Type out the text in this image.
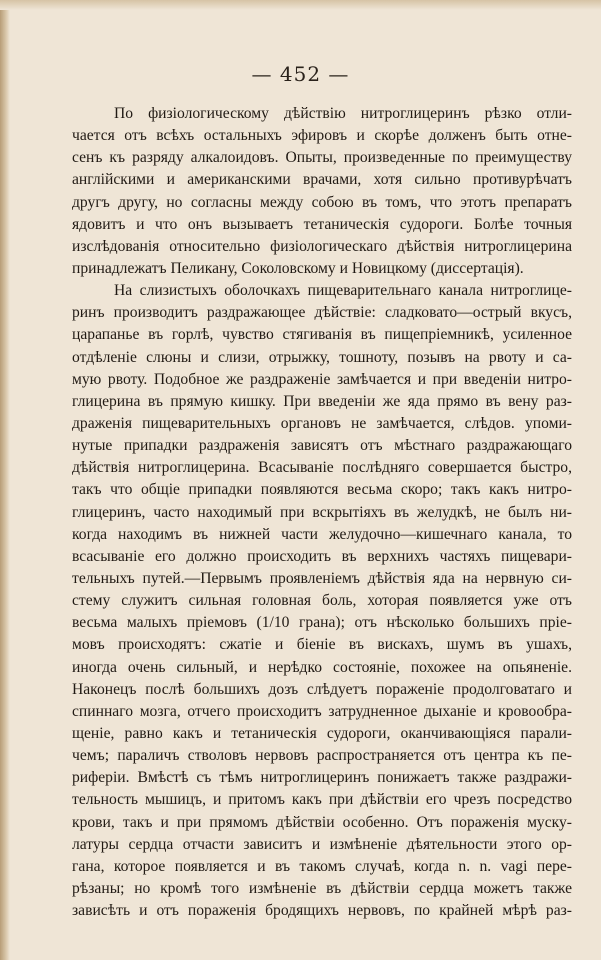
— 452 —
По физiологическому дѣйствiю нитроглицеринъ рѣзко отли-
чается отъ всѣхъ остальныхъ эфировъ и скорѣе долженъ быть отне-
сенъ къ разряду алкалоидовъ. Опыты, произведенные по преимуществу
англiйскими и американскими врачами, хотя сильно противурѣчатъ
другъ другу, но согласны между собою въ томъ, что этотъ препаратъ
ядовитъ и что онъ вызываетъ тетаническiя судороги. Болѣе точныя
изслѣдованiя относительно физiологическаго дѣйствiя нитроглицерина
принадлежатъ Пеликану, Соколовскому и Новицкому (диссертацiя).
На слизистыхъ оболочкахъ пищеварительнаго канала нитроглице-
ринъ производитъ раздражающее дѣйствiе: сладковато—острый вкусъ,
царапанье въ горлѣ, чувство стягиванiя въ пищепрiемникѣ, усиленное
отдѣленiе слюны и слизи, отрыжку, тошноту, позывъ на рвоту и са-
мую рвоту. Подобное же раздраженiе замѣчается и при введенiи нитро-
глицерина въ прямую кишку. При введенiи же яда прямо въ вену раз-
драженiя пищеварительныхъ органовъ не замѣчается, слѣдов. упоми-
нутые припадки раздраженiя зависятъ отъ мѣстнаго раздражающаго
дѣйствiя нитроглицерина. Всасыванiе послѣдняго совершается быстро,
такъ что общiе припадки появляются весьма скоро; такъ какъ нитро-
глицеринъ, часто находимый при вскрытiяхъ въ желудкѣ, не былъ ни-
когда находимъ въ нижней части желудочно—кишечнаго канала, то
всасыванiе его должно происходить въ верхнихъ частяхъ пищевари-
тельныхъ путей.—Первымъ проявленiемъ дѣйствiя яда на нервную си-
стему служитъ сильная головная боль, хоторая появляется уже отъ
весьма малыхъ прiемовъ (1/10 грана); отъ нѣсколько большихъ прiе-
мовъ происходятъ: сжатiе и бiенiе въ вискахъ, шумъ въ ушахъ,
иногда очень сильный, и нерѣдко состоянiе, похожее на опьяненiе.
Наконецъ послѣ большихъ дозъ слѣдуетъ пораженiе продолговатаго и
спиннаго мозга, отчего происходитъ затрудненное дыханiе и кровообра-
щенiе, равно какъ и тетаническiя судороги, оканчивающiяся парали-
чемъ; параличъ стволовъ нервовъ распространяется отъ центра къ пе-
риферiи. Вмѣстѣ съ тѣмъ нитроглицеринъ понижаетъ также раздражи-
тельность мышицъ, и притомъ какъ при дѣйствiи его чрезъ посредство
крови, такъ и при прямомъ дѣйствiи особенно. Отъ пораженiя муску-
латуры сердца отчасти зависитъ и измѣненiе дѣятельности этого ор-
гана, которое появляется и въ такомъ случаѣ, когда n. n. vagi пере-
рѣзаны; но кромѣ того измѣненiе въ дѣйствiи сердца можетъ также
зависѣть и отъ пораженiя бродящихъ нервовъ, по крайней мѣрѣ раз-
